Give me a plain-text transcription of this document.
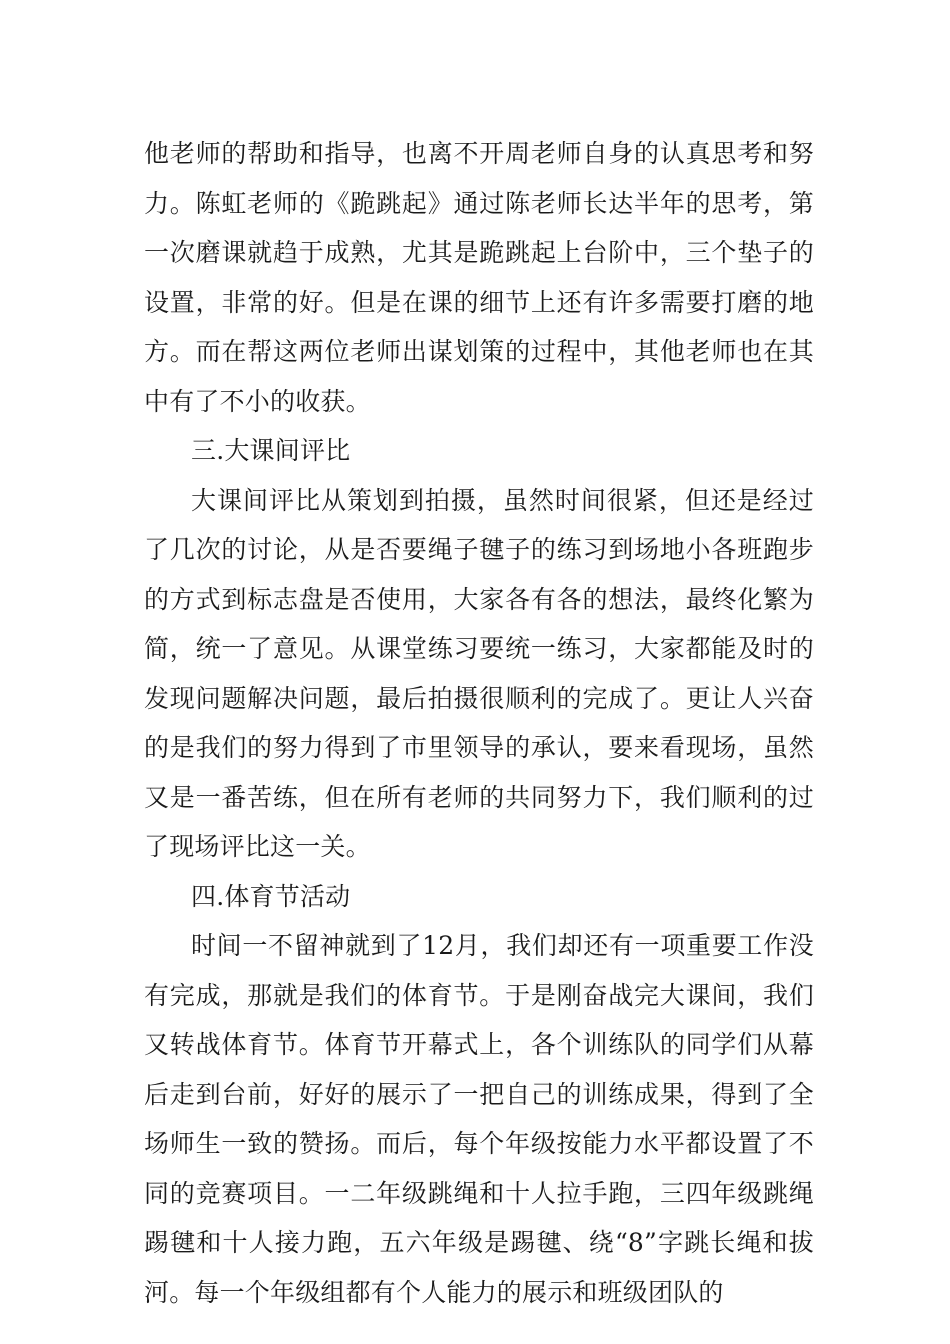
他老师的帮助和指导，也离不开周老师自身的认真思考和努力。陈虹老师的《跪跳起》通过陈老师长达半年的思考，第一次磨课就趋于成熟，尤其是跪跳起上台阶中，三个垫子的设置，非常的好。但是在课的细节上还有许多需要打磨的地方。而在帮这两位老师出谋划策的过程中，其他老师也在其中有了不小的收获。

三.大课间评比

大课间评比从策划到拍摄，虽然时间很紧，但还是经过了几次的讨论，从是否要绳子毽子的练习到场地小各班跑步的方式到标志盘是否使用，大家各有各的想法，最终化繁为简，统一了意见。从课堂练习要统一练习，大家都能及时的发现问题解决问题，最后拍摄很顺利的完成了。更让人兴奋的是我们的努力得到了市里领导的承认，要来看现场，虽然又是一番苦练，但在所有老师的共同努力下，我们顺利的过了现场评比这一关。

四.体育节活动

时间一不留神就到了12月，我们却还有一项重要工作没有完成，那就是我们的体育节。于是刚奋战完大课间，我们又转战体育节。体育节开幕式上，各个训练队的同学们从幕后走到台前，好好的展示了一把自己的训练成果，得到了全场师生一致的赞扬。而后，每个年级按能力水平都设置了不同的竞赛项目。一二年级跳绳和十人拉手跑，三四年级跳绳踢毽和十人接力跑，五六年级是踢毽、绕“8”字跳长绳和拔河。每一个年级组都有个人能力的展示和班级团队的
